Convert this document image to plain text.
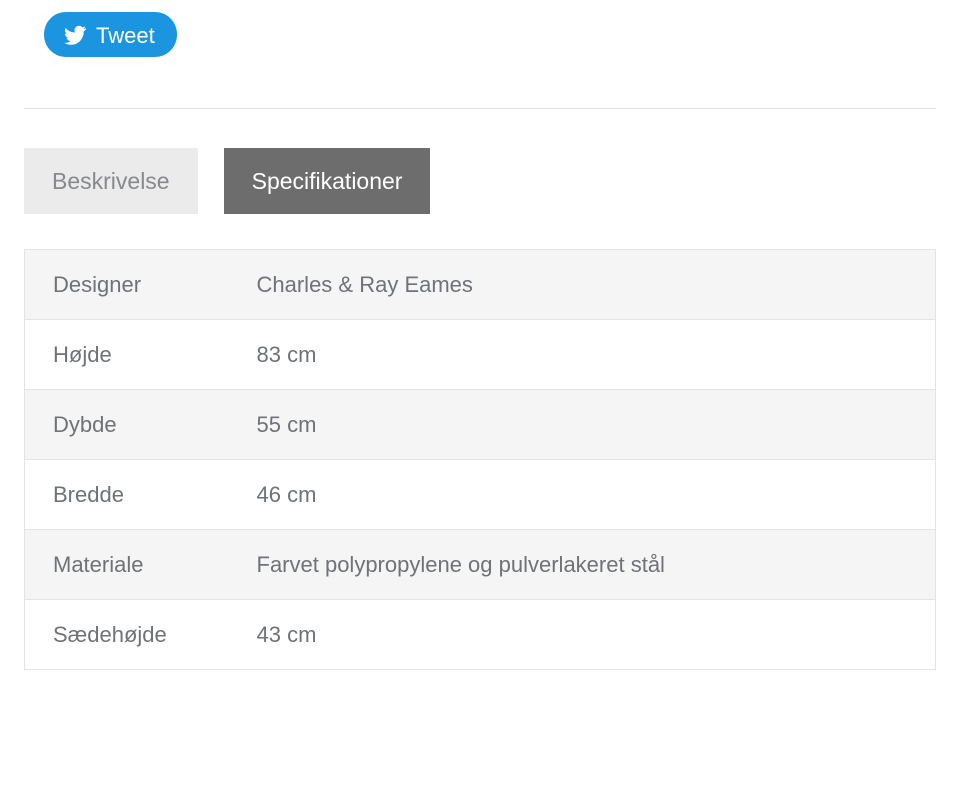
Tweet
Beskrivelse	Specifikationer
Designer	Charles & Ray Eames
Højde	83 cm
Dybde	55 cm
Bredde	46 cm
Materiale	Farvet polypropylene og pulverlakeret stål
Sædehøjde	43 cm
